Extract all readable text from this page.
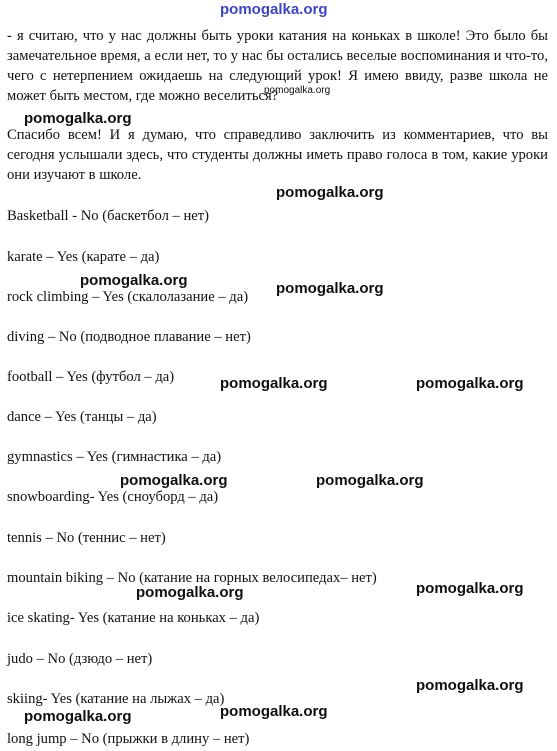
pomogalka.org

- я считаю, что у нас должны быть уроки катания на коньках в школе! Это было бы замечательное время, а если нет, то у нас бы остались веселые воспоминания и что-то, чего с нетерпением ожидаешь на следующий урок! Я имею ввиду, разве школа не может быть местом, где можно веселиться?

Спасибо всем! И я думаю, что справедливо заключить из комментариев, что вы сегодня услышали здесь, что студенты должны иметь право голоса в том, какие уроки они изучают в школе.

Basketball - No (баскетбол – нет)
karate – Yes (карате – да)
rock climbing – Yes (скалолазание – да)
diving – No (подводное плавание – нет)
football – Yes (футбол – да)
dance – Yes (танцы – да)
gymnastics – Yes (гимнастика – да)
snowboarding- Yes (сноуборд – да)
tennis – No (теннис – нет)
mountain biking – No (катание на горных велосипедах– нет)
ice skating- Yes (катание на коньках – да)
judo – No (дзюдо – нет)
skiing- Yes (катание на лыжах – да)
long jump – No (прыжки в длину – нет)
pomogalka.org
pomogalka.org
pomogalka.org
pomogalka.org	pomogalka.org
pomogalka.org	pomogalka.org
pomogalka.org	pomogalka.org
pomogalka.org	pomogalka.org
pomogalka.org
pomogalka.org	pomogalka.org
